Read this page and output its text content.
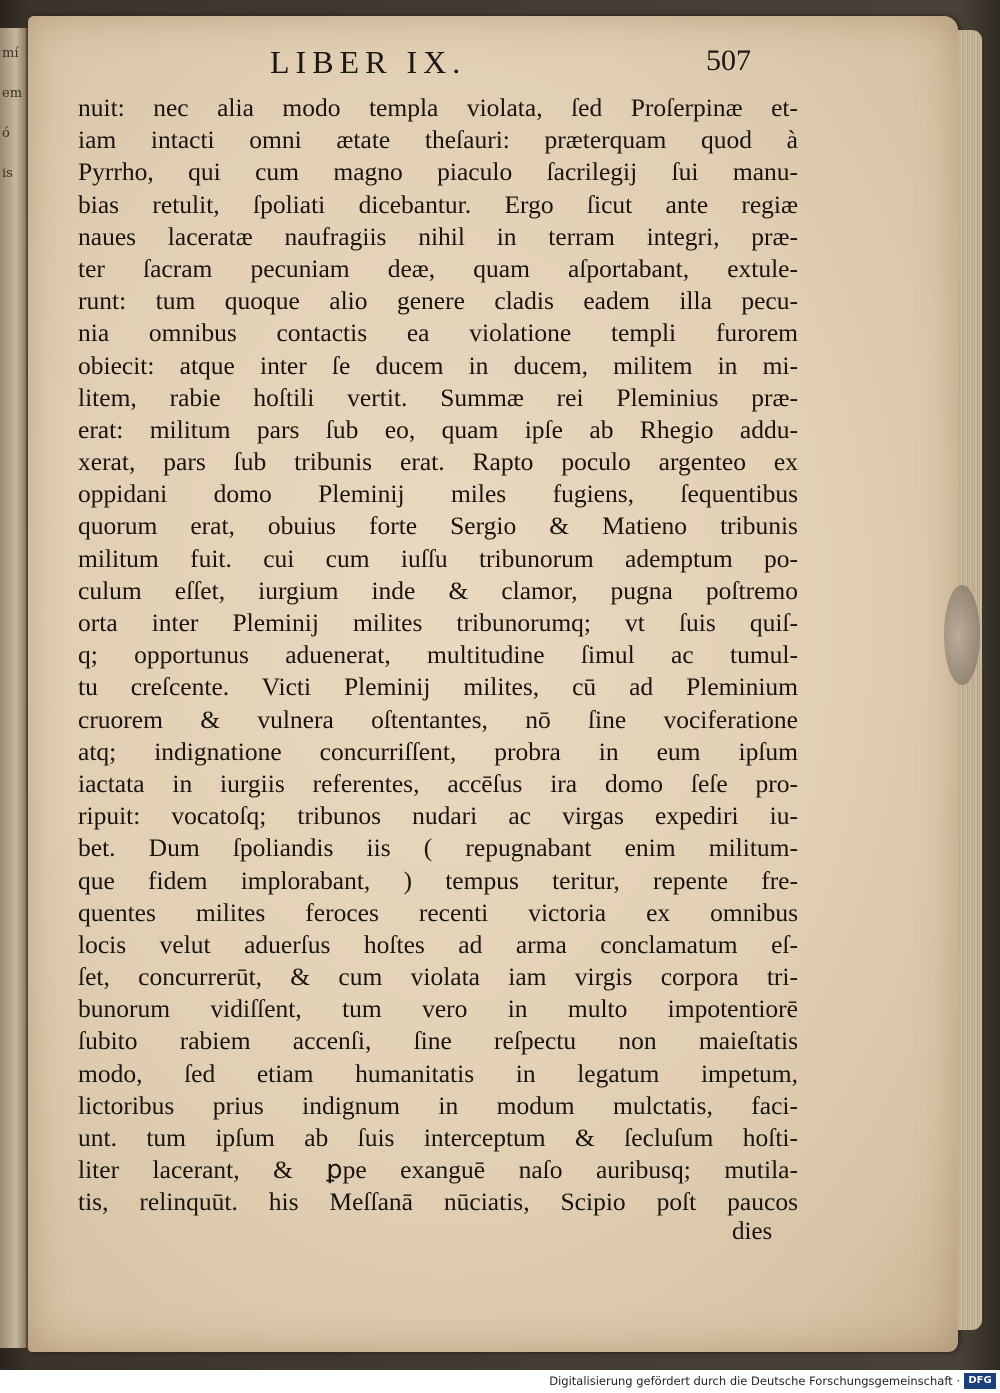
mí
em
ó
is
LIBER IX.	507
nuit: nec alia modo templa violata, ſed Proſerpinæ et-
iam intacti omni ætate theſauri: præterquam quod à
Pyrrho, qui cum magno piaculo ſacrilegij ſui manu-
bias retulit, ſpoliati dicebantur. Ergo ſicut ante regiæ
naues laceratæ naufragiis nihil in terram integri, præ-
ter ſacram pecuniam deæ, quam aſportabant, extule-
runt: tum quoque alio genere cladis eadem illa pecu-
nia omnibus contactis ea violatione templi furorem
obiecit: atque inter ſe ducem in ducem, militem in mi-
litem, rabie hoſtili vertit. Summæ rei Pleminius præ-
erat: militum pars ſub eo, quam ipſe ab Rhegio addu-
xerat, pars ſub tribunis erat. Rapto poculo argenteo ex
oppidani domo Pleminij miles fugiens, ſequentibus
quorum erat, obuius forte Sergio & Matieno tribunis
militum fuit. cui cum iuſſu tribunorum ademptum po-
culum eſſet, iurgium inde & clamor, pugna poſtremo
orta inter Pleminij milites tribunorumq; vt ſuis quiſ-
q; opportunus aduenerat, multitudine ſimul ac tumul-
tu creſcente. Victi Pleminij milites, cū ad Pleminium
cruorem & vulnera oſtentantes, nō ſine vociferatione
atq; indignatione concurriſſent, probra in eum ipſum
iactata in iurgiis referentes, accēſus ira domo ſeſe pro-
ripuit: vocatoſq; tribunos nudari ac virgas expediri iu-
bet. Dum ſpoliandis iis ( repugnabant enim militum-
que fidem implorabant, ) tempus teritur, repente fre-
quentes milites feroces recenti victoria ex omnibus
locis velut aduerſus hoſtes ad arma conclamatum eſ-
ſet, concurrerūt, & cum violata iam virgis corpora tri-
bunorum vidiſſent, tum vero in multo impotentiorē
ſubito rabiem accenſi, ſine reſpectu non maieſtatis
modo, ſed etiam humanitatis in legatum impetum,
lictoribus prius indignum in modum mulctatis, faci-
unt. tum ipſum ab ſuis interceptum & ſecluſum hoſti-
liter lacerant, & ꝑpe exanguē naſo auribusq; mutila-
tis, relinquūt. his Meſſanā nūciatis, Scipio poſt paucos
dies
Digitalisierung gefördert durch die Deutsche Forschungsgemeinschaft · DFG
